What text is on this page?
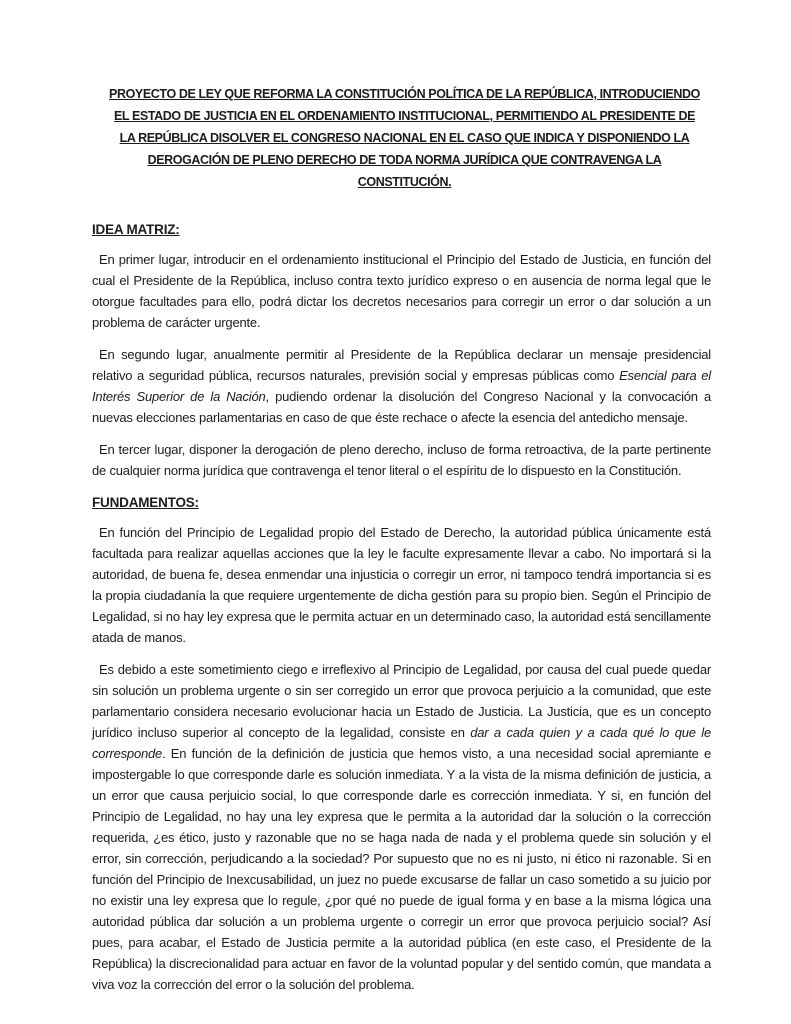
PROYECTO DE LEY QUE REFORMA LA CONSTITUCIÓN POLÍTICA DE LA REPÚBLICA, INTRODUCIENDO EL ESTADO DE JUSTICIA EN EL ORDENAMIENTO INSTITUCIONAL, PERMITIENDO AL PRESIDENTE DE LA REPÚBLICA DISOLVER EL CONGRESO NACIONAL EN EL CASO QUE INDICA Y DISPONIENDO LA DEROGACIÓN DE PLENO DERECHO DE TODA NORMA JURÍDICA QUE CONTRAVENGA LA CONSTITUCIÓN.
IDEA MATRIZ:

En primer lugar, introducir en el ordenamiento institucional el Principio del Estado de Justicia, en función del cual el Presidente de la República, incluso contra texto jurídico expreso o en ausencia de norma legal que le otorgue facultades para ello, podrá dictar los decretos necesarios para corregir un error o dar solución a un problema de carácter urgente.

En segundo lugar, anualmente permitir al Presidente de la República declarar un mensaje presidencial relativo a seguridad pública, recursos naturales, previsión social y empresas públicas como Esencial para el Interés Superior de la Nación, pudiendo ordenar la disolución del Congreso Nacional y la convocación a nuevas elecciones parlamentarias en caso de que éste rechace o afecte la esencia del antedicho mensaje.

En tercer lugar, disponer la derogación de pleno derecho, incluso de forma retroactiva, de la parte pertinente de cualquier norma jurídica que contravenga el tenor literal o el espíritu de lo dispuesto en la Constitución.

FUNDAMENTOS:

En función del Principio de Legalidad propio del Estado de Derecho, la autoridad pública únicamente está facultada para realizar aquellas acciones que la ley le faculte expresamente llevar a cabo. No importará si la autoridad, de buena fe, desea enmendar una injusticia o corregir un error, ni tampoco tendrá importancia si es la propia ciudadanía la que requiere urgentemente de dicha gestión para su propio bien. Según el Principio de Legalidad, si no hay ley expresa que le permita actuar en un determinado caso, la autoridad está sencillamente atada de manos.

Es debido a este sometimiento ciego e irreflexivo al Principio de Legalidad, por causa del cual puede quedar sin solución un problema urgente o sin ser corregido un error que provoca perjuicio a la comunidad, que este parlamentario considera necesario evolucionar hacia un Estado de Justicia. La Justicia, que es un concepto jurídico incluso superior al concepto de la legalidad, consiste en dar a cada quien y a cada qué lo que le corresponde. En función de la definición de justicia que hemos visto, a una necesidad social apremiante e impostergable lo que corresponde darle es solución inmediata. Y a la vista de la misma definición de justicia, a un error que causa perjuicio social, lo que corresponde darle es corrección inmediata. Y si, en función del Principio de Legalidad, no hay una ley expresa que le permita a la autoridad dar la solución o la corrección requerida, ¿es ético, justo y razonable que no se haga nada de nada y el problema quede sin solución y el error, sin corrección, perjudicando a la sociedad? Por supuesto que no es ni justo, ni ético ni razonable. Si en función del Principio de Inexcusabilidad, un juez no puede excusarse de fallar un caso sometido a su juicio por no existir una ley expresa que lo regule, ¿por qué no puede de igual forma y en base a la misma lógica una autoridad pública dar solución a un problema urgente o corregir un error que provoca perjuicio social? Así pues, para acabar, el Estado de Justicia permite a la autoridad pública (en este caso, el Presidente de la República) la discrecionalidad para actuar en favor de la voluntad popular y del sentido común, que mandata a viva voz la corrección del error o la solución del problema.
